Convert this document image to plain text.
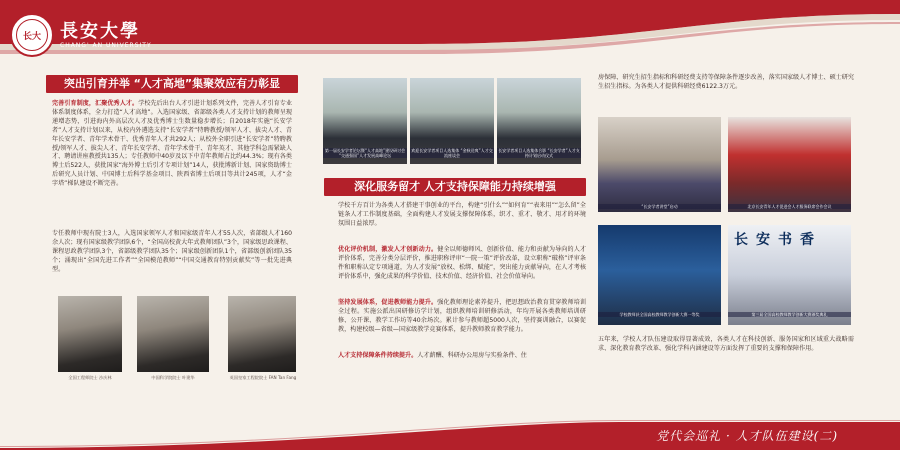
长大	長安大學
CHANG' AN UNIVERSITY
突出引育并举 “人才高地”集聚效应有力彰显
完善引育制度，汇聚优秀人才。学校先后出台人才引进计划系列文件，完善人才引育专业体系制度体系，全力打造“人才高地”。入选国家级、省部级各类人才支持计划的教师呈现递增态势，引进海内外高层次人才及优秀博士生数量稳步增长；自2018年实施“长安学者”人才支持计划以来，从校内外遴选支持“长安学者”特聘教授/领军人才、拔尖人才、青年长安学者、青年学术骨干、优秀青年人才共292人；从校外全职引进“长安学者”特聘教授/领军人才、拔尖人才、青年长安学者、青年学术骨干、青年英才、其他学科急需紧缺人才、聘请讲座教授共135人；专任教师中40岁及以下中青年教师占比约44.3%；现有各类博士后522人，获批国家“海外博士后引才专项计划”14人，获批博新计划、国家资助博士后研究人员计划、中国博士后科学基金项目、陕西省博士后项目等共计245项，人才“金字塔”梯队建设不断完善。
专任教师中现有院士3人，入选国家领军人才和国家级青年人才55人次，省部级人才160余人次；现有国家级教学团队6个，“全国高校黄大年式教师团队”3个，国家级思政课程、课程思政教学团队3个，省部级教学团队35个；国家级创新团队1个，省部级创新团队35个；涌现出“全国先进工作者”“全国模范教师”“中国交通教育特别贡献奖”等一批先进典型。
全国工程师院士 沙庆林	中国科学院院士 叶建华	英国皇家工程院院士 FAN Tan Fang
第一届长安学者论坛暨“人才高地”建设研讨会 “交通强国”人才发展高峰论坛
欢迎长安学者项目人选集体 “金秋送爽”人才交流座谈会
长安学者项目人选集体合影 “长安学者”人才支持计划启动仪式
深化服务留才 人才支持保障能力持续增强
学校千方百计为各类人才搭建干事创业的平台，构建“引什么”“如何育”“表来用”“怎么留”全链条人才工作制度基础，全面构建人才发展支撑保障体系，织才、重才、敬才、用才的环境氛围日益浓厚。
优化评价机制，激发人才创新动力。健全以师德师风、创新价值、能力和贡献为导向的人才评价体系，完善分类分层评价，推进职称评审“一院一策”评价改革，设立职称“破格”评审条件和职称认定专项通道，为人才发展“放权、松绑、赋能”，突出能力贡献导向，在人才考核评价体系中，强化成果的科学价值、技术价值、经济价值、社会价值导向。
坚持发展体系，促进教师能力提升。强化教师理论素养提升，把思想政治教育贯穿教师培训全过程。实施公派出国研修访学计划，组织教师培训研修活动，年均开展各类教师培训研修、公开课、教学工作坊等40余场次。累计参与教师超5000人次，坚持赛训融合，以赛促教，构建校级—省级—国家级教学竞赛体系，提升教师教育教学能力。
人才支持保障条件持续提升。人才薪酬、科研办公用房与实验条件、住
房保障、研究生招生指标和科研经费支持等保障条件逐步改善，落实国家级人才博士、硕士研究生招生指标。为各类人才提供科研经费6122.3万元。
“长安学者讲堂”启动	北京长安青年人才促进会人才服务联席会作会议
长安书香
学校教师获全国高校教师教学创新大赛一等奖	第三届全国高校教师教学创新大赛颁奖典礼
五年来，学校人才队伍建设取得显著成效，各类人才在科技创新、服务国家和区域重大战略需求、深化教育教学改革、强化学科内涵建设等方面发挥了重要的支撑和保障作用。
党代会巡礼 · 人才队伍建设(二)
